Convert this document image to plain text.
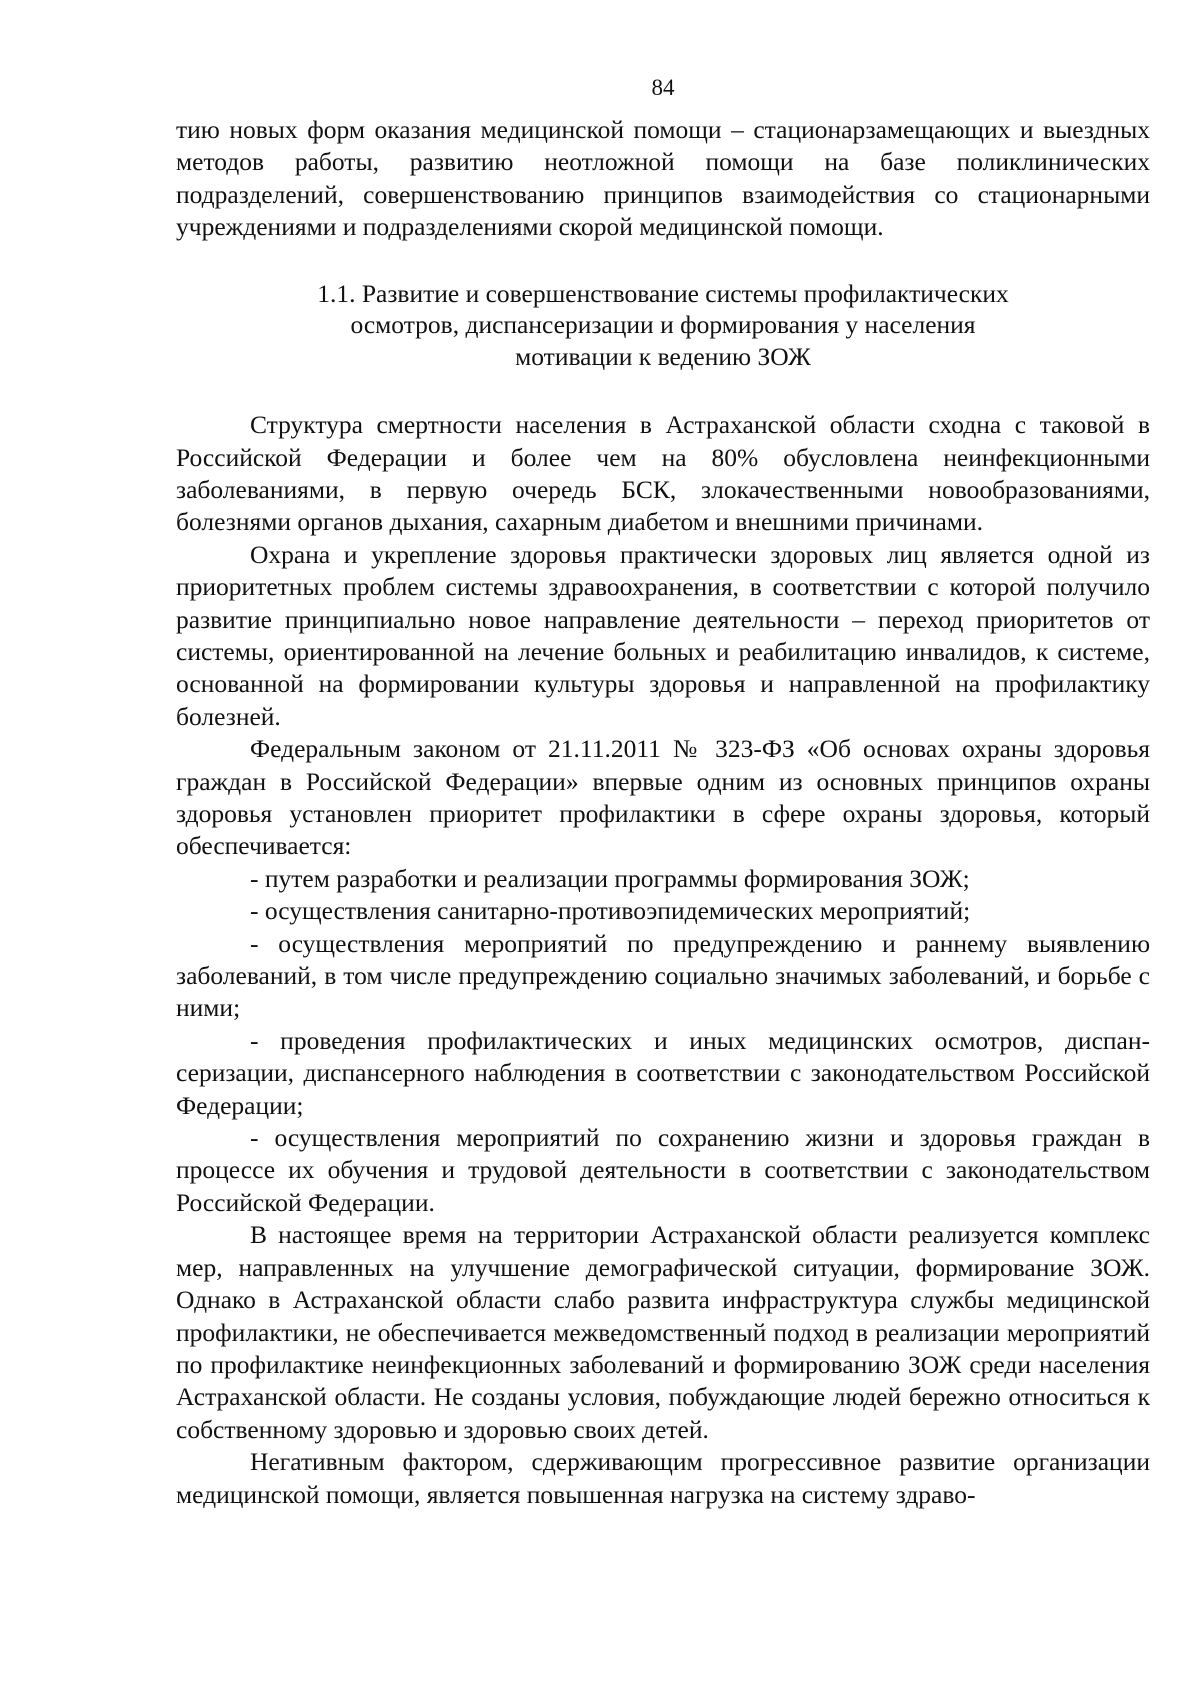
84

тию новых форм оказания медицинской помощи – стационарзамещающих и выездных методов работы, развитию неотложной помощи на базе поликлинических подразделений, совершенствованию принципов взаимодействия со стационарными учреждениями и подразделениями скорой медицинской помощи.

1.1. Развитие и совершенствование системы профилактических
осмотров, диспансеризации и формирования у населения
мотивации к ведению ЗОЖ

Структура смертности населения в Астраханской области сходна с таковой в Российской Федерации и более чем на 80% обусловлена неинфекционными заболеваниями, в первую очередь БСК, злокачественными новообразованиями, болезнями органов дыхания, сахарным диабетом и внешними причинами.

Охрана и укрепление здоровья практически здоровых лиц является одной из приоритетных проблем системы здравоохранения, в соответствии с которой получило развитие принципиально новое направление деятельности – переход приоритетов от системы, ориентированной на лечение больных и реабилитацию инвалидов, к системе, основанной на формировании культуры здоровья и направленной на профилактику болезней.

Федеральным законом от 21.11.2011 № 323-ФЗ «Об основах охраны здоровья граждан в Российской Федерации» впервые одним из основных принципов охраны здоровья установлен приоритет профилактики в сфере охраны здоровья, который обеспечивается:

- путем разработки и реализации программы формирования ЗОЖ;

- осуществления санитарно-противоэпидемических мероприятий;

- осуществления мероприятий по предупреждению и раннему выявлению заболеваний, в том числе предупреждению социально значимых заболеваний, и борьбе с ними;

- проведения профилактических и иных медицинских осмотров, диспансеризации, диспансерного наблюдения в соответствии с законодательством Российской Федерации;

- осуществления мероприятий по сохранению жизни и здоровья граждан в процессе их обучения и трудовой деятельности в соответствии с законодательством Российской Федерации.

В настоящее время на территории Астраханской области реализуется комплекс мер, направленных на улучшение демографической ситуации, формирование ЗОЖ. Однако в Астраханской области слабо развита инфраструктура службы медицинской профилактики, не обеспечивается межведомственный подход в реализации мероприятий по профилактике неинфекционных заболеваний и формированию ЗОЖ среди населения Астраханской области. Не созданы условия, побуждающие людей бережно относиться к собственному здоровью и здоровью своих детей.

Негативным фактором, сдерживающим прогрессивное развитие организации медицинской помощи, является повышенная нагрузка на систему здраво-
